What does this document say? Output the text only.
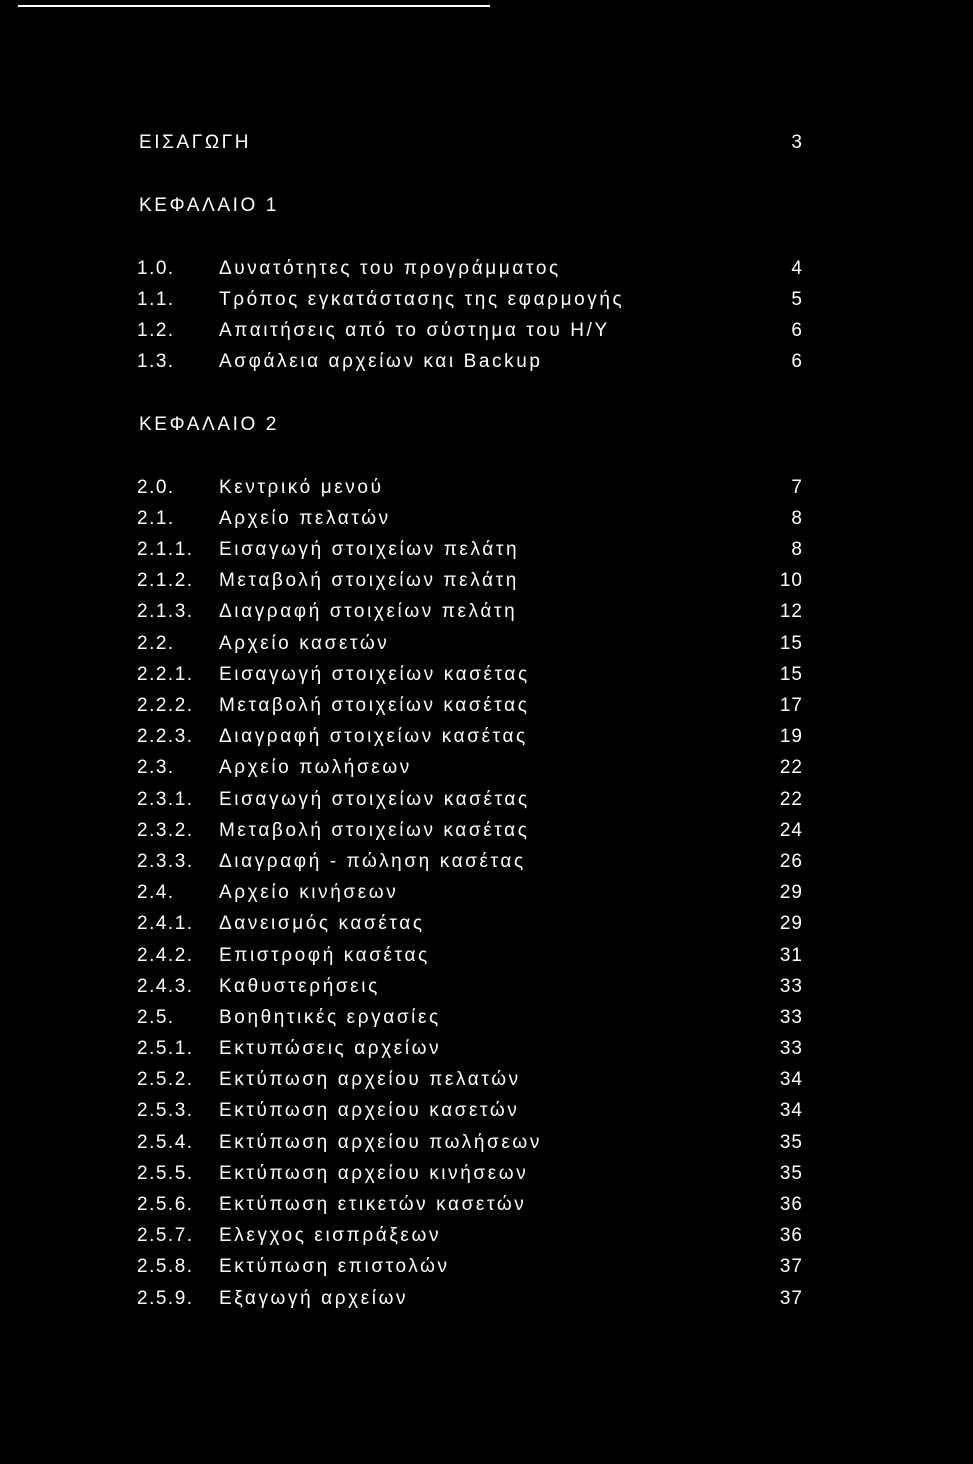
ΕΙΣΑΓΩΓΗ	3
ΚΕΦΑΛΑΙΟ 1
1.0. Δυνατότητες του προγράμματος	4
1.1. Τρόπος εγκατάστασης της εφαρμογής	5
1.2. Απαιτήσεις από το σύστημα του Η/Υ	6
1.3. Ασφάλεια αρχείων και Backup	6
ΚΕΦΑΛΑΙΟ 2
2.0. Κεντρικό μενού	7
2.1. Αρχείο πελατών	8
2.1.1. Εισαγωγή στοιχείων πελάτη	8
2.1.2. Μεταβολή στοιχείων πελάτη	10
2.1.3. Διαγραφή στοιχείων πελάτη	12
2.2. Αρχείο κασετών	15
2.2.1. Εισαγωγή στοιχείων κασέτας	15
2.2.2. Μεταβολή στοιχείων κασέτας	17
2.2.3. Διαγραφή στοιχείων κασέτας	19
2.3. Αρχείο πωλήσεων	22
2.3.1. Εισαγωγή στοιχείων κασέτας	22
2.3.2. Μεταβολή στοιχείων κασέτας	24
2.3.3. Διαγραφή - πώληση κασέτας	26
2.4. Αρχείο κινήσεων	29
2.4.1. Δανεισμός κασέτας	29
2.4.2. Επιστροφή κασέτας	31
2.4.3. Καθυστερήσεις	33
2.5. Βοηθητικές εργασίες	33
2.5.1. Εκτυπώσεις αρχείων	33
2.5.2. Εκτύπωση αρχείου πελατών	34
2.5.3. Εκτύπωση αρχείου κασετών	34
2.5.4. Εκτύπωση αρχείου πωλήσεων	35
2.5.5. Εκτύπωση αρχείου κινήσεων	35
2.5.6. Εκτύπωση ετικετών κασετών	36
2.5.7. Ελεγχος εισπράξεων	36
2.5.8. Εκτύπωση επιστολών	37
2.5.9. Εξαγωγή αρχείων	37
